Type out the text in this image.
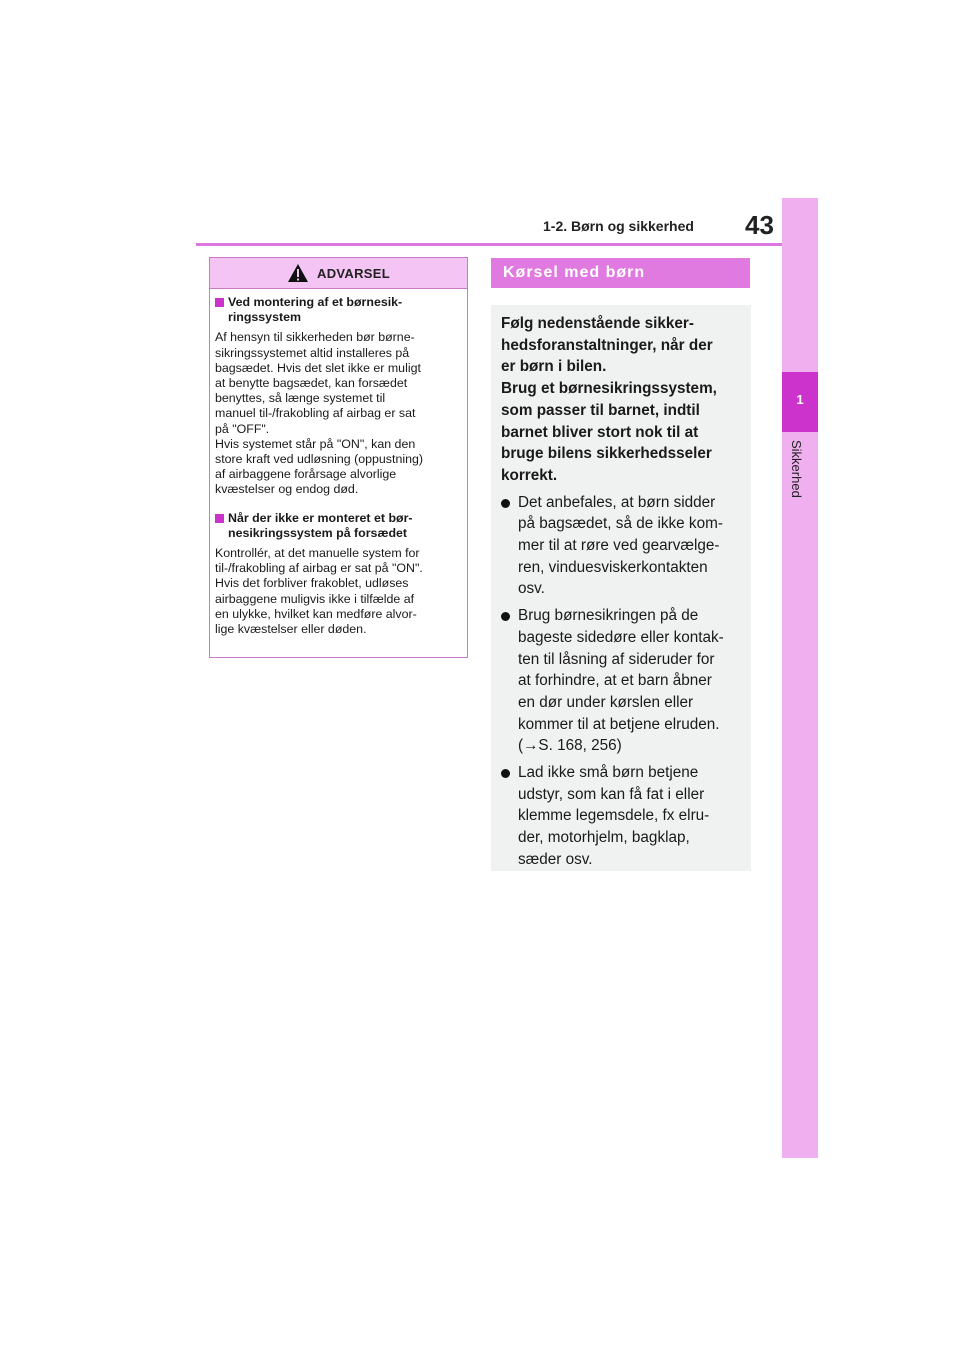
1-2. Børn og sikkerhed 43
1
Sikkerhed
ADVARSEL
Ved montering af et børnesik-
ringssystem
Af hensyn til sikkerheden bør børne-
sikringssystemet altid installeres på
bagsædet. Hvis det slet ikke er muligt
at benytte bagsædet, kan forsædet
benyttes, så længe systemet til
manuel til-/frakobling af airbag er sat
på "OFF".
Hvis systemet står på "ON", kan den
store kraft ved udløsning (oppustning)
af airbaggene forårsage alvorlige
kvæstelser og endog død.
Når der ikke er monteret et bør-
nesikringssystem på forsædet
Kontrollér, at det manuelle system for
til-/frakobling af airbag er sat på "ON".
Hvis det forbliver frakoblet, udløses
airbaggene muligvis ikke i tilfælde af
en ulykke, hvilket kan medføre alvor-
lige kvæstelser eller døden.
Kørsel med børn
Følg nedenstående sikker-
hedsforanstaltninger, når der
er børn i bilen.
Brug et børnesikringssystem,
som passer til barnet, indtil
barnet bliver stort nok til at
bruge bilens sikkerhedsseler
korrekt.
Det anbefales, at børn sidder
på bagsædet, så de ikke kom-
mer til at røre ved gearvælge-
ren, vinduesviskerkontakten
osv.
Brug børnesikringen på de
bageste sidedøre eller kontak-
ten til låsning af sideruder for
at forhindre, at et barn åbner
en dør under kørslen eller
kommer til at betjene elruden.
(→S. 168, 256)
Lad ikke små børn betjene
udstyr, som kan få fat i eller
klemme legemsdele, fx elru-
der, motorhjelm, bagklap,
sæder osv.
